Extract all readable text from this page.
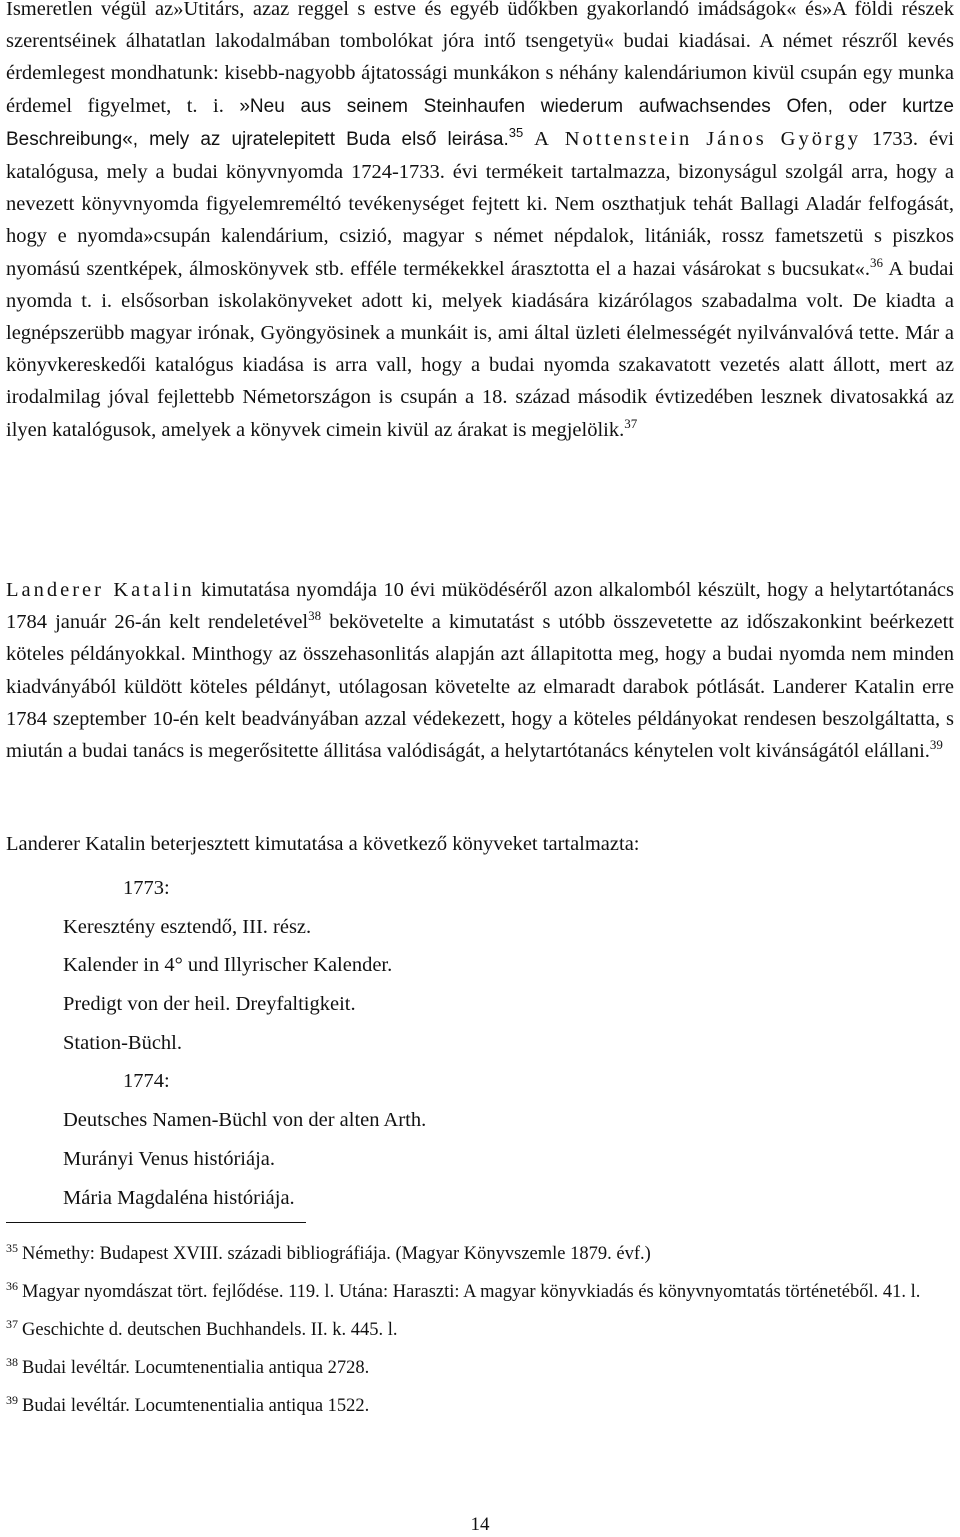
Ismeretlen végül az»Utitárs, azaz reggel s estve és egyéb üdőkben gyakorlandó imádságok« és»A földi részek szerentséinek álhatatlan lakodalmában tombolókat jóra intő tsengetyü« budai kiadásai. A német részről kevés érdemlegest mondhatunk: kisebb-nagyobb ájtatossági munkákon s néhány kalendáriumon kivül csupán egy munka érdemel figyelmet, t. i. »Neu aus seinem Steinhaufen wiederum aufwachsendes Ofen, oder kurtze Beschreibung«, mely az ujratelepitett Buda első leirása.$^{35}$ A Nottenstein János György 1733. évi katalógusa, mely a budai könyvnyomda 1724-1733. évi termékeit tartalmazza, bizonyságul szolgál arra, hogy a nevezett könyvnyomda figyelemreméltó tevékenységet fejtett ki. Nem oszthatjuk tehát Ballagi Aladár felfogását, hogy e nyomda»csupán kalendárium, csizió, magyar s német népdalok, litániák, rossz fametszetü s piszkos nyomású szentképek, álmoskönyvek stb. efféle termékekkel árasztotta el a hazai vásárokat s bucsukat«.$^{36}$ A budai nyomda t. i. elsősorban iskolakönyveket adott ki, melyek kiadására kizárólagos szabadalma volt. De kiadta a legnépszerübb magyar irónak, Gyöngyösinek a munkáit is, ami által üzleti élelmességét nyilvánvalóvá tette. Már a könyvkereskedői katalógus kiadása is arra vall, hogy a budai nyomda szakavatott vezetés alatt állott, mert az irodalmilag jóval fejlettebb Németországon is csupán a 18. század második évtizedében lesznek divatosakká az ilyen katalógusok, amelyek a könyvek cimein kivül az árakat is megjelölik.$^{37}$

Landerer Katalin kimutatása nyomdája 10 évi müködéséről azon alkalomból készült, hogy a helytartótanács 1784 január 26-án kelt rendeletével$^{38}$ bekövetelte a kimutatást s utóbb összevetette az időszakonkint beérkezett köteles példányokkal. Minthogy az összehasonlitás alapján azt állapitotta meg, hogy a budai nyomda nem minden kiadványából küldött köteles példányt, utólagosan követelte az elmaradt darabok pótlását. Landerer Katalin erre 1784 szeptember 10-én kelt beadványában azzal védekezett, hogy a köteles példányokat rendesen beszolgáltatta, s miután a budai tanács is megerősitette állitása valódiságát, a helytartótanács kénytelen volt kivánságától elállani.$^{39}$

Landerer Katalin beterjesztett kimutatása a következő könyveket tartalmazta:

1773:
Keresztény esztendő, III. rész.
Kalender in 4° und Illyrischer Kalender.
Predigt von der heil. Dreyfaltigkeit.
Station-Büchl.
1774:
Deutsches Namen-Büchl von der alten Arth.
Murányi Venus históriája.
Mária Magdaléna históriája.
$^{35}$ Némethy: Budapest XVIII. századi bibliográfiája. (Magyar Könyvszemle 1879. évf.)
$^{36}$ Magyar nyomdászat tört. fejlődése. 119. l. Utána: Haraszti: A magyar könyvkiadás és könyvnyomtatás történetéből. 41. l.
$^{37}$ Geschichte d. deutschen Buchhandels. II. k. 445. l.
$^{38}$ Budai levéltár. Locumtenentialia antiqua 2728.
$^{39}$ Budai levéltár. Locumtenentialia antiqua 1522.
14
